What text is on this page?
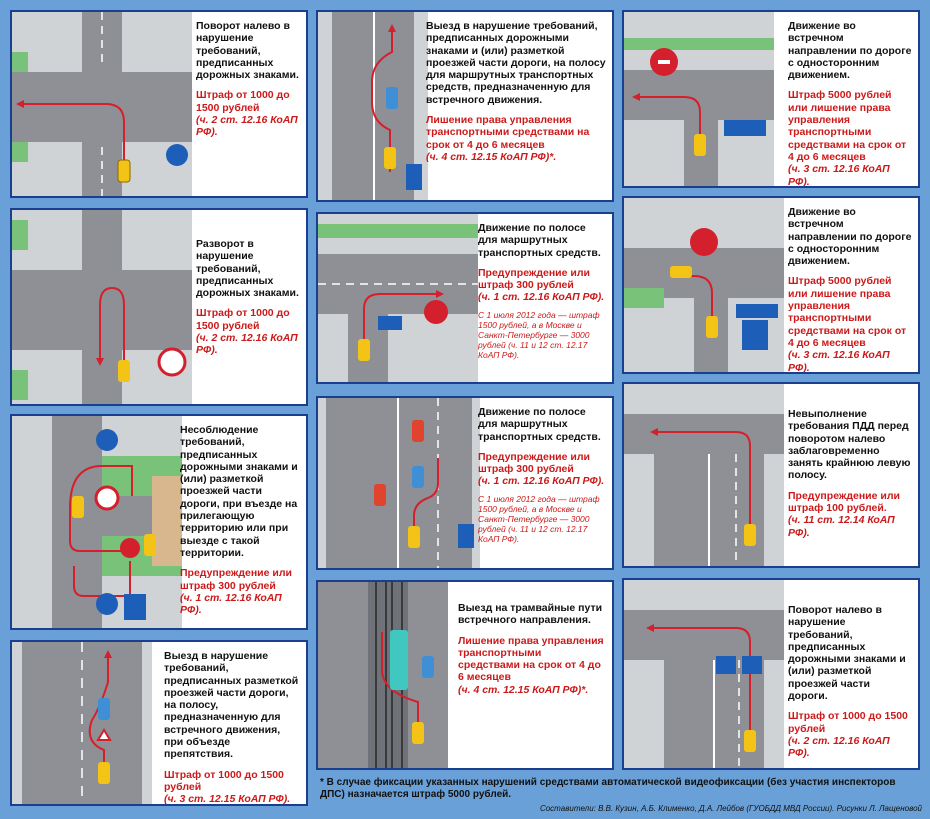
Поворот налево в нарушение требований, предписанных дорожных знаками.

Штраф от 1000 до 1500 рублей

(ч. 2 ст. 12.16 КоАП РФ).

Выезд в нарушение требований, предписанных дорожными знаками и (или) разметкой проезжей части дороги, на полосу для маршрутных транспортных средств, предназначенную для встречного движения.

Лишение права управления транспортными средствами на срок от 4 до 6 месяцев

(ч. 4 ст. 12.15 КоАП РФ)*.

Движение во встречном направлении по дороге с односторонним движением.

Штраф 5000 рублей или лишение права управления транспортными средствами на срок от 4 до 6 месяцев

(ч. 3 ст. 12.16 КоАП РФ).

Разворот в нарушение требований, предписанных дорожных знаками.

Штраф от 1000 до 1500 рублей

(ч. 2 ст. 12.16 КоАП РФ).

Движение по полосе для маршрутных транспортных средств.

Предупреждение или штраф 300 рублей

(ч. 1 ст. 12.16 КоАП РФ).

С 1 июля 2012 года — штраф 1500 рублей, а в Москве и Санкт-Петербурге — 3000 рублей (ч. 11 и 12 ст. 12.17 КоАП РФ).

Движение во встречном направлении по дороге с односторонним движением.

Штраф 5000 рублей или лишение права управления транспортными средствами на срок от 4 до 6 месяцев

(ч. 3 ст. 12.16 КоАП РФ).

Несоблюдение требований, предписанных дорожными знаками и (или) разметкой проезжей части дороги, при въезде на прилегающую территорию или при выезде с такой территории.

Предупреждение или штраф 300 рублей

(ч. 1 ст. 12.16 КоАП РФ).

Движение по полосе для маршрутных транспортных средств.

Предупреждение или штраф 300 рублей

(ч. 1 ст. 12.16 КоАП РФ).

С 1 июля 2012 года — штраф 1500 рублей, а в Москве и Санкт-Петербурге — 3000 рублей (ч. 11 и 12 ст. 12.17 КоАП РФ).

Невыполнение требования ПДД перед поворотом налево заблаговременно занять крайнюю левую полосу.

Предупреждение или штраф 100 рублей.

(ч. 11 ст. 12.14 КоАП РФ).

Выезд в нарушение требований, предписанных разметкой проезжей части дороги, на полосу, предназначенную для встречного движения, при объезде препятствия.

Штраф от 1000 до 1500 рублей

(ч. 3 ст. 12.15 КоАП РФ).

Выезд на трамвайные пути встречного направления.

Лишение права управления транспортными средствами на срок от 4 до 6 месяцев

(ч. 4 ст. 12.15 КоАП РФ)*.

Поворот налево в нарушение требований, предписанных дорожными знаками и (или) разметкой проезжей части дороги.

Штраф от 1000 до 1500 рублей

(ч. 2 ст. 12.16 КоАП РФ).

* В случае фиксации указанных нарушений средствами автоматической видеофиксации (без участия инспекторов ДПС) назначается штраф 5000 рублей.
Составители: В.В. Кузин, А.Б. Клименко, Д.А. Лейбов (ГУОБДД МВД России). Рисунки Л. Лащеновой
